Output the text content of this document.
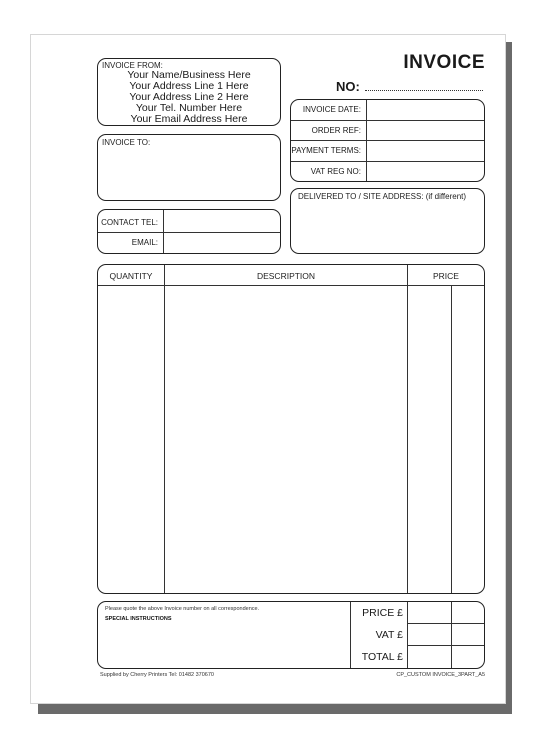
INVOICE
NO:
INVOICE FROM:
Your Name/Business Here
Your Address Line 1 Here
Your Address Line 2 Here
Your Tel. Number Here
Your Email Address Here
INVOICE TO:
CONTACT TEL:
EMAIL:
INVOICE DATE:
ORDER REF:
PAYMENT TERMS:
VAT REG NO:
DELIVERED TO / SITE ADDRESS: (if different)
QUANTITY	DESCRIPTION	PRICE
Please quote the above Invoice number on all correspondence.
SPECIAL INSTRUCTIONS	PRICE £
VAT £
TOTAL £
Supplied by Cherry Printers Tel: 01482 370670	CP_CUSTOM INVOICE_3PART_A5
